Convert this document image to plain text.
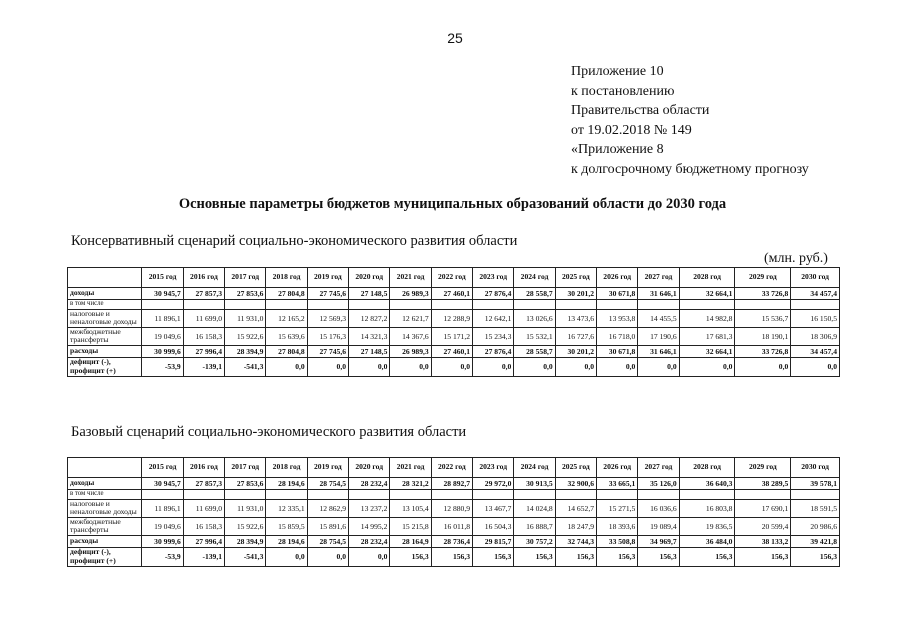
25
Приложение 10
к постановлению
Правительства области
от 19.02.2018 № 149
«Приложение 8
к долгосрочному бюджетному прогнозу
Основные параметры бюджетов муниципальных образований области до 2030 года
Консервативный сценарий социально-экономического развития области
(млн. руб.)
	2015 год	2016 год	2017 год	2018 год	2019 год	2020 год	2021 год	2022 год	2023 год	2024 год	2025 год	2026 год	2027 год	2028 год	2029 год	2030 год
доходы	30 945,7	27 857,3	27 853,6	27 804,8	27 745,6	27 148,5	26 989,3	27 460,1	27 876,4	28 558,7	30 201,2	30 671,8	31 646,1	32 664,1	33 726,8	34 457,4
в том числе																
налоговые и неналоговые доходы	11 896,1	11 699,0	11 931,0	12 165,2	12 569,3	12 827,2	12 621,7	12 288,9	12 642,1	13 026,6	13 473,6	13 953,8	14 455,5	14 982,8	15 536,7	16 150,5
межбюджетные трансферты	19 049,6	16 158,3	15 922,6	15 639,6	15 176,3	14 321,3	14 367,6	15 171,2	15 234,3	15 532,1	16 727,6	16 718,0	17 190,6	17 681,3	18 190,1	18 306,9
расходы	30 999,6	27 996,4	28 394,9	27 804,8	27 745,6	27 148,5	26 989,3	27 460,1	27 876,4	28 558,7	30 201,2	30 671,8	31 646,1	32 664,1	33 726,8	34 457,4
дефицит (-), профицит (+)	-53,9	-139,1	-541,3	0,0	0,0	0,0	0,0	0,0	0,0	0,0	0,0	0,0	0,0	0,0	0,0	0,0
Базовый сценарий социально-экономического развития области
	2015 год	2016 год	2017 год	2018 год	2019 год	2020 год	2021 год	2022 год	2023 год	2024 год	2025 год	2026 год	2027 год	2028 год	2029 год	2030 год
доходы	30 945,7	27 857,3	27 853,6	28 194,6	28 754,5	28 232,4	28 321,2	28 892,7	29 972,0	30 913,5	32 900,6	33 665,1	35 126,0	36 640,3	38 289,5	39 578,1
в том числе																
налоговые и неналоговые доходы	11 896,1	11 699,0	11 931,0	12 335,1	12 862,9	13 237,2	13 105,4	12 880,9	13 467,7	14 024,8	14 652,7	15 271,5	16 036,6	16 803,8	17 690,1	18 591,5
межбюджетные трансферты	19 049,6	16 158,3	15 922,6	15 859,5	15 891,6	14 995,2	15 215,8	16 011,8	16 504,3	16 888,7	18 247,9	18 393,6	19 089,4	19 836,5	20 599,4	20 986,6
расходы	30 999,6	27 996,4	28 394,9	28 194,6	28 754,5	28 232,4	28 164,9	28 736,4	29 815,7	30 757,2	32 744,3	33 508,8	34 969,7	36 484,0	38 133,2	39 421,8
дефицит (-), профицит (+)	-53,9	-139,1	-541,3	0,0	0,0	0,0	156,3	156,3	156,3	156,3	156,3	156,3	156,3	156,3	156,3	156,3
